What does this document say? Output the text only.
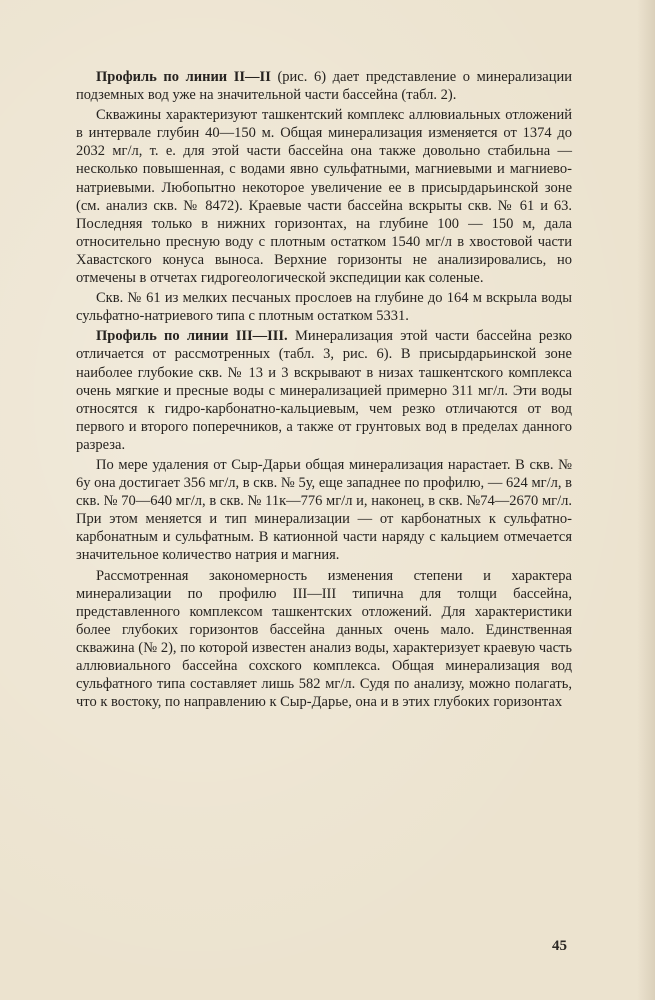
Профиль по линии II—II (рис. 6) дает представление о минерализации подземных вод уже на значительной части бассейна (табл. 2).

Скважины характеризуют ташкентский комплекс аллювиальных отложений в интервале глубин 40—150 м. Общая минерализация изменяется от 1374 до 2032 мг/л, т. е. для этой части бассейна она также довольно стабильна — несколько повышенная, с водами явно сульфатными, магниевыми и магниево-натриевыми. Любопытно некоторое увеличение ее в присырдарьинской зоне (см. анализ скв. № 8472). Краевые части бассейна вскрыты скв. № 61 и 63. Последняя только в нижних горизонтах, на глубине 100 — 150 м, дала относительно пресную воду с плотным остатком 1540 мг/л в хвостовой части Хавастского конуса выноса. Верхние горизонты не анализировались, но отмечены в отчетах гидрогеологической экспедиции как соленые.

Скв. № 61 из мелких песчаных прослоев на глубине до 164 м вскрыла воды сульфатно-натриевого типа с плотным остатком 5331.

Профиль по линии III—III. Минерализация этой части бассейна резко отличается от рассмотренных (табл. 3, рис. 6). В присырдарьинской зоне наиболее глубокие скв. № 13 и 3 вскрывают в низах ташкентского комплекса очень мягкие и пресные воды с минерализацией примерно 311 мг/л. Эти воды относятся к гидро-карбонатно-кальциевым, чем резко отличаются от вод первого и второго поперечников, а также от грунтовых вод в пределах данного разреза.

По мере удаления от Сыр-Дарьи общая минерализация нарастает. В скв. № 6у она достигает 356 мг/л, в скв. № 5у, еще западнее по профилю, — 624 мг/л, в скв. № 70—640 мг/л, в скв. № 11к—776 мг/л и, наконец, в скв. №74—2670 мг/л. При этом меняется и тип минерализации — от карбонатных к сульфатно-карбонатным и сульфатным. В катионной части наряду с кальцием отмечается значительное количество натрия и магния.

Рассмотренная закономерность изменения степени и характера минерализации по профилю III—III типична для толщи бассейна, представленного комплексом ташкентских отложений. Для характеристики более глубоких горизонтов бассейна данных очень мало. Единственная скважина (№ 2), по которой известен анализ воды, характеризует краевую часть аллювиального бассейна сохского комплекса. Общая минерализация вод сульфатного типа составляет лишь 582 мг/л. Судя по анализу, можно полагать, что к востоку, по направлению к Сыр-Дарье, она и в этих глубоких горизонтах

45
